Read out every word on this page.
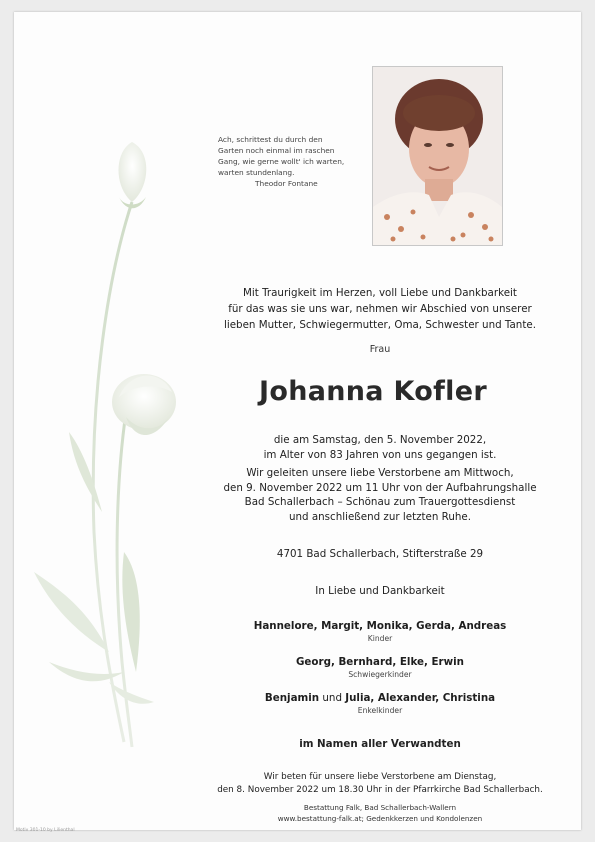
Ach, schrittest du durch den
Garten noch einmal im raschen
Gang, wie gerne wollt' ich warten,
warten stundenlang.
Theodor Fontane
Mit Traurigkeit im Herzen, voll Liebe und Dankbarkeit
für das was sie uns war, nehmen wir Abschied von unserer
lieben Mutter, Schwiegermutter, Oma, Schwester und Tante.
Frau
Johanna Kofler
die am Samstag, den 5. November 2022,
im Alter von 83 Jahren von uns gegangen ist.
Wir geleiten unsere liebe Verstorbene am Mittwoch,
den 9. November 2022 um 11 Uhr von der Aufbahrungshalle
Bad Schallerbach – Schönau zum Trauergottesdienst
und anschließend zur letzten Ruhe.
4701 Bad Schallerbach, Stifterstraße 29
In Liebe und Dankbarkeit
Hannelore, Margit, Monika, Gerda, Andreas
Kinder
Georg, Bernhard, Elke, Erwin
Schwiegerkinder
Benjamin und Julia, Alexander, Christina
Enkelkinder
im Namen aller Verwandten
Wir beten für unsere liebe Verstorbene am Dienstag,
den 8. November 2022 um 18.30 Uhr in der Pfarrkirche Bad Schallerbach.
Bestattung Falk, Bad Schallerbach-Wallern
www.bestattung-falk.at; Gedenkkerzen und Kondolenzen
Motiv 301-10 by Lilienthal
